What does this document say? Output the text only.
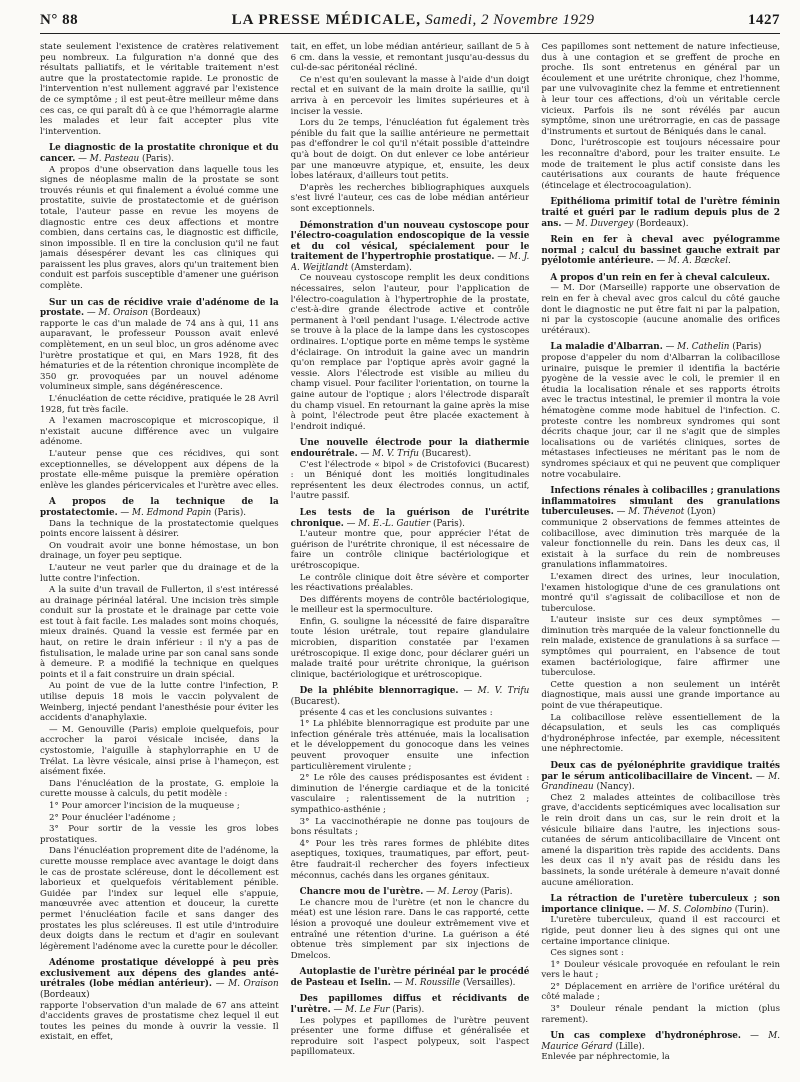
N° 88	LA PRESSE MÉDICALE, Samedi, 2 Novembre 1929	1427

state seulement l'existence de cratères relativement peu nombreux. La fulguration n'a donné que des résultats palliatifs, et le véritable traitement n'est autre que la prostatectomie rapide. Le pronostic de l'intervention n'est nullement aggravé par l'existence de ce symptôme ; il est peut-être meilleur même dans ces cas, ce qui paraît dû à ce que l'hémorragie alarme les malades et leur fait accepter plus vite l'intervention.

Le diagnostic de la prostatite chronique et du cancer. — M. Pasteau (Paris).

A propos d'une observation dans laquelle tous les signes de néoplasme malin de la prostate se sont trouvés réunis et qui finalement a évolué comme une prostatite, suivie de prostatectomie et de guérison totale, l'auteur passe en revue les moyens de diagnostic entre ces deux affections et montre combien, dans certains cas, le diagnostic est difficile, sinon impossible. Il en tire la conclusion qu'il ne faut jamais désespérer devant les cas cliniques qui paraissent les plus graves, alors qu'un traitement bien conduit est parfois susceptible d'amener une guérison complète.

Sur un cas de récidive vraie d'adénome de la prostate. — M. Oraison (Bordeaux)

rapporte le cas d'un malade de 74 ans à qui, 11 ans auparavant, le professeur Pousson avait enlevé complètement, en un seul bloc, un gros adénome avec l'urètre prostatique et qui, en Mars 1928, fit des hématuries et de la rétention chronique incomplète de 350 gr. provoquées par un nouvel adénome volumineux simple, sans dégénérescence.

L'énucléation de cette récidive, pratiquée le 28 Avril 1928, fut très facile.

A l'examen macroscopique et microscopique, il n'existait aucune différence avec un vulgaire adénome.

L'auteur pense que ces récidives, qui sont exceptionnelles, se développent aux dépens de la prostate elle-même puisque la première opération enlève les glandes péricervicales et l'urètre avec elles.

A propos de la technique de la prostatectomie. — M. Edmond Papin (Paris).

Dans la technique de la prostatectomie quelques points encore laissent à désirer.

On voudrait avoir une bonne hémostase, un bon drainage, un foyer peu septique.

L'auteur ne veut parler que du drainage et de la lutte contre l'infection.

A la suite d'un travail de Fullerton, il s'est intéressé au drainage périnéal latéral. Une incision très simple conduit sur la prostate et le drainage par cette voie est tout à fait facile. Les malades sont moins choqués, mieux drainés. Quand la vessie est fermée par en haut, on retire le drain inférieur : il n'y a pas de fistulisation, le malade urine par son canal sans sonde à demeure. P. a modifié la technique en quelques points et il a fait construire un drain spécial.

Au point de vue de la lutte contre l'infection, P. utilise depuis 18 mois le vaccin polyvalent de Weinberg, injecté pendant l'anesthésie pour éviter les accidents d'anaphylaxie.

— M. Genouville (Paris) emploie quelquefois, pour accrocher la paroi vésicale incisée, dans la cystostomie, l'aiguille à staphylorraphie en U de Trélat. La lèvre vésicale, ainsi prise à l'hameçon, est aisément fixée.

Dans l'énucléation de la prostate, G. emploie la curette mousse à calculs, du petit modèle :

1° Pour amorcer l'incision de la muqueuse ;

2° Pour énucléer l'adénome ;

3° Pour sortir de la vessie les gros lobes prostatiques.

Dans l'énucléation proprement dite de l'adénome, la curette mousse remplace avec avantage le doigt dans le cas de prostate scléreuse, dont le décollement est laborieux et quelquefois véritablement pénible. Guidée par l'index sur lequel elle s'appuie, manœuvrée avec attention et douceur, la curette permet l'énucléation facile et sans danger des prostates les plus scléreuses. Il est utile d'introduire deux doigts dans le rectum et d'agir en soulevant légèrement l'adénome avec la curette pour le décoller.

Adénome prostatique développé à peu près exclusivement aux dépens des glandes anté-urétrales (lobe médian antérieur). — M. Oraison (Bordeaux)

rapporte l'observation d'un malade de 67 ans atteint d'accidents graves de prostatisme chez lequel il eut toutes les peines du monde à ouvrir la vessie. Il existait, en effet,

tait, en effet, un lobe médian antérieur, saillant de 5 à 6 cm. dans la vessie, et remontant jusqu'au-dessus du cul-de-sac péritonéal récliné.

Ce n'est qu'en soulevant la masse à l'aide d'un doigt rectal et en suivant de la main droite la saillie, qu'il arriva à en percevoir les limites supérieures et à inciser la vessie.

Lors du 2e temps, l'énucléation fut également très pénible du fait que la saillie antérieure ne permettait pas d'effondrer le col qu'il n'était possible d'atteindre qu'à bout de doigt. On dut enlever ce lobe antérieur par une manœuvre atypique, et, ensuite, les deux lobes latéraux, d'ailleurs tout petits.

D'après les recherches bibliographiques auxquels s'est livré l'auteur, ces cas de lobe médian antérieur sont exceptionnels.

Démonstration d'un nouveau cystoscope pour l'électro-coagulation endoscopique de la vessie et du col vésical, spécialement pour le traitement de l'hypertrophie prostatique. — M. J. A. Weijtlandt (Amsterdam).

Ce nouveau cystoscope remplit les deux conditions nécessaires, selon l'auteur, pour l'application de l'électro-coagulation à l'hypertrophie de la prostate, c'est-à-dire grande électrode active et contrôle permanent à l'œil pendant l'usage. L'électrode active se trouve à la place de la lampe dans les cystoscopes ordinaires. L'optique porte en même temps le système d'éclairage. On introduit la gaine avec un mandrin qu'on remplace par l'optique après avoir gagné la vessie. Alors l'électrode est visible au milieu du champ visuel. Pour faciliter l'orientation, on tourne la gaine autour de l'optique ; alors l'électrode disparaît du champ visuel. En retournant la gaine après la mise à point, l'électrode peut être placée exactement à l'endroit indiqué.

Une nouvelle électrode pour la diathermie endourétrale. — M. V. Trifu (Bucarest).

C'est l'électrode « bipol » de Cristofovici (Bucarest) : un Béniqué dont les moitiés longitudinales représentent les deux électrodes connus, un actif, l'autre passif.

Les tests de la guérison de l'urétrite chronique. — M. E.-L. Gautier (Paris).

L'auteur montre que, pour apprécier l'état de guérison de l'urétrite chronique, il est nécessaire de faire un contrôle clinique bactériologique et urétroscopique.

Le contrôle clinique doit être sévère et comporter les réactivations préalables.

Des différents moyens de contrôle bactériologique, le meilleur est la spermoculture.

Enfin, G. souligne la nécessité de faire disparaître toute lésion urétrale, tout repaire glandulaire microbien, disparition constatée par l'examen urétroscopique. Il exige donc, pour déclarer guéri un malade traité pour urétrite chronique, la guérison clinique, bactériologique et urétroscopique.

De la phlébite blennorragique. — M. V. Trifu (Bucarest).

présente 4 cas et les conclusions suivantes :

1° La phlébite blennorragique est produite par une infection générale très atténuée, mais la localisation et le développement du gonocoque dans les veines peuvent provoquer ensuite une infection particulièrement virulente ;

2° Le rôle des causes prédisposantes est évident : diminution de l'énergie cardiaque et de la tonicité vasculaire ; ralentissement de la nutrition ; sympathico-asthénie ;

3° La vaccinothérapie ne donne pas toujours de bons résultats ;

4° Pour les très rares formes de phlébite dites aseptiques, toxiques, traumatiques, par effort, peut-être faudrait-il rechercher des foyers infectieux méconnus, cachés dans les organes génitaux.

Chancre mou de l'urètre. — M. Leroy (Paris).

Le chancre mou de l'urètre (et non le chancre du méat) est une lésion rare. Dans le cas rapporté, cette lésion a provoqué une douleur extrêmement vive et entraîné une rétention d'urine. La guérison a été obtenue très simplement par six injections de Dmelcos.

Autoplastie de l'urètre périnéal par le procédé de Pasteau et Iselin. — M. Roussille (Versailles).
Des papillomes diffus et récidivants de l'urètre. — M. Le Fur (Paris).

Les polypes et papillomes de l'urètre peuvent présenter une forme diffuse et généralisée et reproduire soit l'aspect polypeux, soit l'aspect papillomateux.

Ces papillomes sont nettement de nature infectieuse, dus à une contagion et se greffent de proche en proche. Ils sont entretenus en général par un écoulement et une urétrite chronique, chez l'homme, par une vulvovaginite chez la femme et entretiennent à leur tour ces affections, d'où un véritable cercle vicieux. Parfois ils ne sont révélés par aucun symptôme, sinon une urétrorragie, en cas de passage d'instruments et surtout de Béniqués dans le canal.

Donc, l'urétroscopie est toujours nécessaire pour les reconnaître d'abord, pour les traiter ensuite. Le mode de traitement le plus actif consiste dans les cautérisations aux courants de haute fréquence (étincelage et électrocoagulation).

Epithélioma primitif total de l'urètre féminin traité et guéri par le radium depuis plus de 2 ans. — M. Duvergey (Bordeaux).
Rein en fer à cheval avec pyélogramme normal ; calcul du bassinet gauche extrait par pyélotomie antérieure. — M. A. Bœckel.
A propos d'un rein en fer à cheval calculeux.

— M. Dor (Marseille) rapporte une observation de rein en fer à cheval avec gros calcul du côté gauche dont le diagnostic ne put être fait ni par la palpation, ni par la cystoscopie (aucune anomalie des orifices urétéraux).

La maladie d'Albarran. — M. Cathelin (Paris)

propose d'appeler du nom d'Albarran la colibacillose urinaire, puisque le premier il identifia la bactérie pyogène de la vessie avec le coli, le premier il en étudia la localisation rénale et ses rapports étroits avec le tractus intestinal, le premier il montra la voie hématogène comme mode habituel de l'infection. C. proteste contre les nombreux syndromes qui sont décrits chaque jour, car il ne s'agit que de simples localisations ou de variétés cliniques, sortes de métastases infectieuses ne méritant pas le nom de syndromes spéciaux et qui ne peuvent que compliquer notre vocabulaire.

Infections rénales à colibacilles ; granulations inflammatoires simulant des granulations tuberculeuses. — M. Thévenot (Lyon)

communique 2 observations de femmes atteintes de colibacillose, avec diminution très marquée de la valeur fonctionnelle du rein. Dans les deux cas, il existait à la surface du rein de nombreuses granulations inflammatoires.

L'examen direct des urines, leur inoculation, l'examen histologique d'une de ces granulations ont montré qu'il s'agissait de colibacillose et non de tuberculose.

L'auteur insiste sur ces deux symptômes — diminution très marquée de la valeur fonctionnelle du rein malade, existence de granulations à sa surface — symptômes qui pourraient, en l'absence de tout examen bactériologique, faire affirmer une tuberculose.

Cette question a non seulement un intérêt diagnostique, mais aussi une grande importance au point de vue thérapeutique.

La colibacillose relève essentiellement de la décapsulation, et seuls les cas compliqués d'hydronéphrose infectée, par exemple, nécessitent une néphrectomie.

Deux cas de pyélonéphrite gravidique traités par le sérum anticolibacillaire de Vincent. — M. Grandineau (Nancy).

Chez 2 malades atteintes de colibacillose très grave, d'accidents septicémiques avec localisation sur le rein droit dans un cas, sur le rein droit et la vésicule biliaire dans l'autre, les injections sous-cutanées de sérum anticolibacillaire de Vincent ont amené la disparition très rapide des accidents. Dans les deux cas il n'y avait pas de résidu dans les bassinets, la sonde urétérale à demeure n'avait donné aucune amélioration.

La rétraction de l'uretère tuberculeux ; son importance clinique. — M. S. Colombino (Turin).

L'uretère tuberculeux, quand il est raccourci et rigide, peut donner lieu à des signes qui ont une certaine importance clinique.

Ces signes sont :

1° Douleur vésicale provoquée en refoulant le rein vers le haut ;

2° Déplacement en arrière de l'orifice urétéral du côté malade ;

3° Douleur rénale pendant la miction (plus rarement).

Un cas complexe d'hydronéphrose. — M. Maurice Gérard (Lille).

Enlevée par néphrectomie, la
